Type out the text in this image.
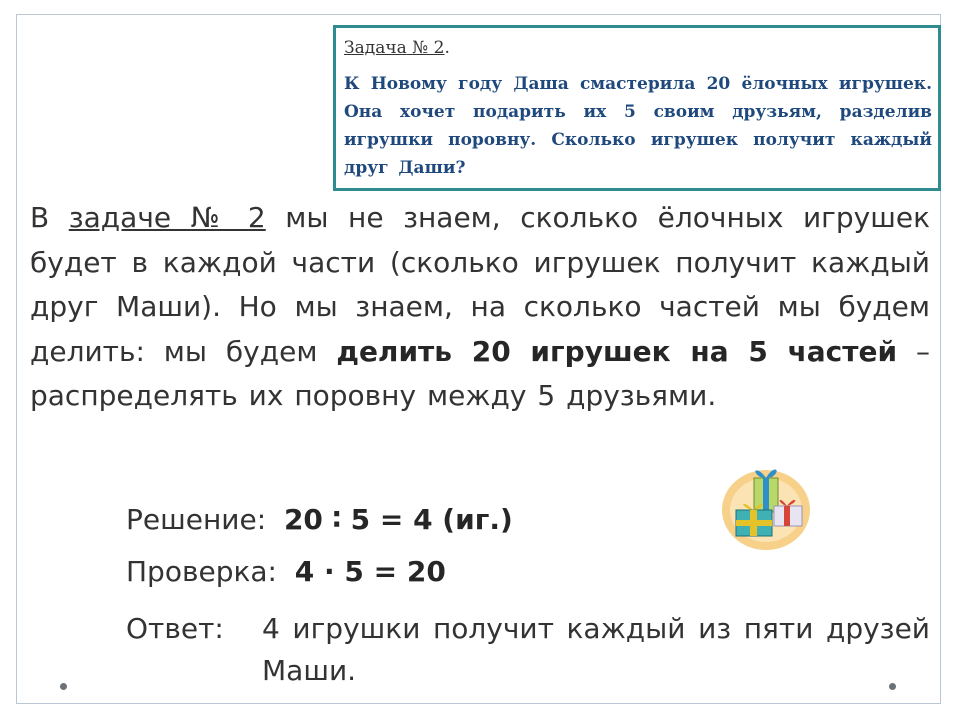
Задача № 2.

К Новому году Даша смастерила 20 ёлочных игрушек. Она хочет подарить их 5 своим друзьям, разделив игрушки поровну. Сколько игрушек получит каждый друг Даши?

В задаче № 2 мы не знаем, сколько ёлочных игрушек будет в каждой части (сколько игрушек получит каждый друг Маши). Но мы знаем, на сколько частей мы будем делить: мы будем делить 20 игрушек на 5 частей – распределять их поровну между 5 друзьями.

Решение: 20 ∶ 5 = 4 (иг.)
Проверка: 4 · 5 = 20
Ответ: 4 игрушки получит каждый из пяти друзей Маши.
